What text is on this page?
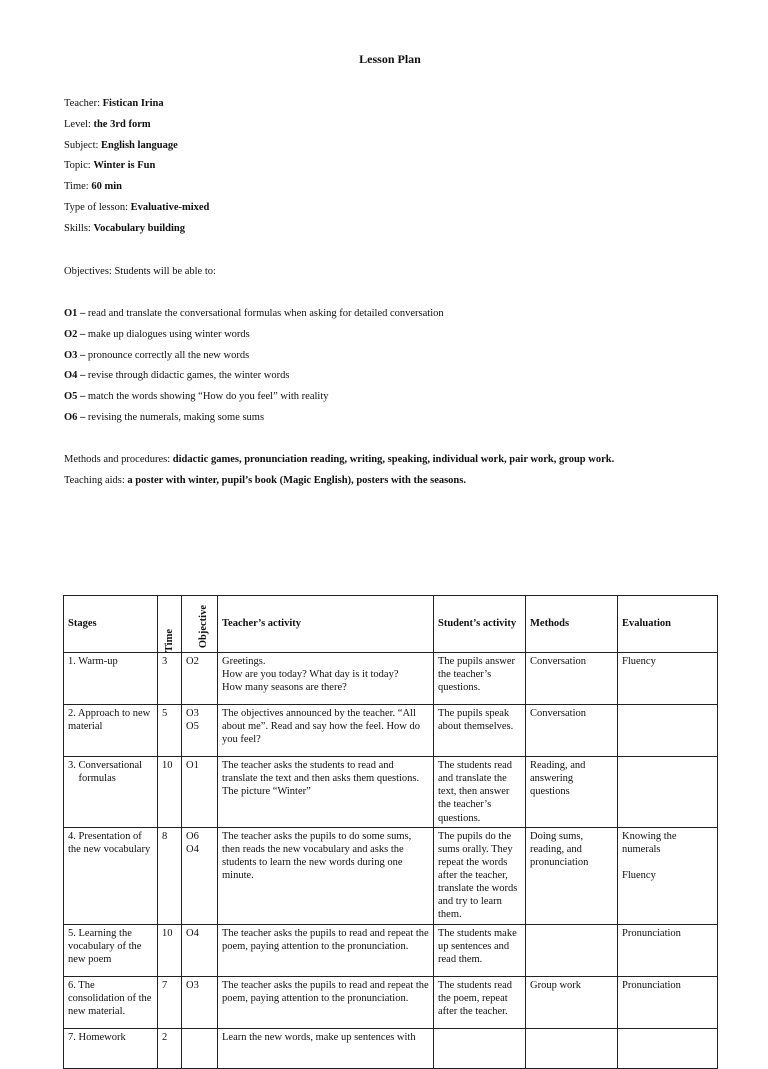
Lesson Plan
Teacher: Fistican Irina
Level: the 3rd form
Subject: English language
Topic: Winter is Fun
Time: 60 min
Type of lesson: Evaluative-mixed
Skills: Vocabulary building
Objectives: Students will be able to:
O1 – read and translate the conversational formulas when asking for detailed conversation
O2 – make up dialogues using winter words
O3 – pronounce correctly all the new words
O4 – revise through didactic games, the winter words
O5 – match the words showing “How do you feel” with reality
O6 – revising the numerals, making some sums
Methods and procedures: didactic games, pronunciation reading, writing, speaking, individual work, pair work, group work.
Teaching aids: a poster with winter, pupil’s book (Magic English), posters with the seasons.
Stages	Time	Objective	Teacher’s activity	Student’s activity	Methods	Evaluation
1. Warm-up	3	O2	Greetings.
How are you today? What day is it today?
How many seasons are there?	The pupils answer the teacher’s questions.	Conversation	Fluency
2. Approach to new material	5	O3
O5	The objectives announced by the teacher. “All about me”. Read and say how the feel. How do you feel?	The pupils speak about themselves.	Conversation	
3. Conversational
formulas	10	O1	The teacher asks the students to read and translate the text and then asks them questions. The picture “Winter”	The students read and translate the text, then answer the teacher’s questions.	Reading, and answering questions	
4. Presentation of the new vocabulary	8	O6
O4	The teacher asks the pupils to do some sums, then reads the new vocabulary and asks the students to learn the new words during one minute.	The pupils do the sums orally. They repeat the words after the teacher, translate the words and try to learn them.	Doing sums, reading, and pronunciation	Knowing the numerals

Fluency
5. Learning the vocabulary of the new poem	10	O4	The teacher asks the pupils to read and repeat the poem, paying attention to the pronunciation.	The students make up sentences and read them.		Pronunciation
6. The consolidation of the new material.	7	O3	The teacher asks the pupils to read and repeat the poem, paying attention to the pronunciation.	The students read the poem, repeat after the teacher.	Group work	Pronunciation
7. Homework	2		Learn the new words, make up sentences with			
